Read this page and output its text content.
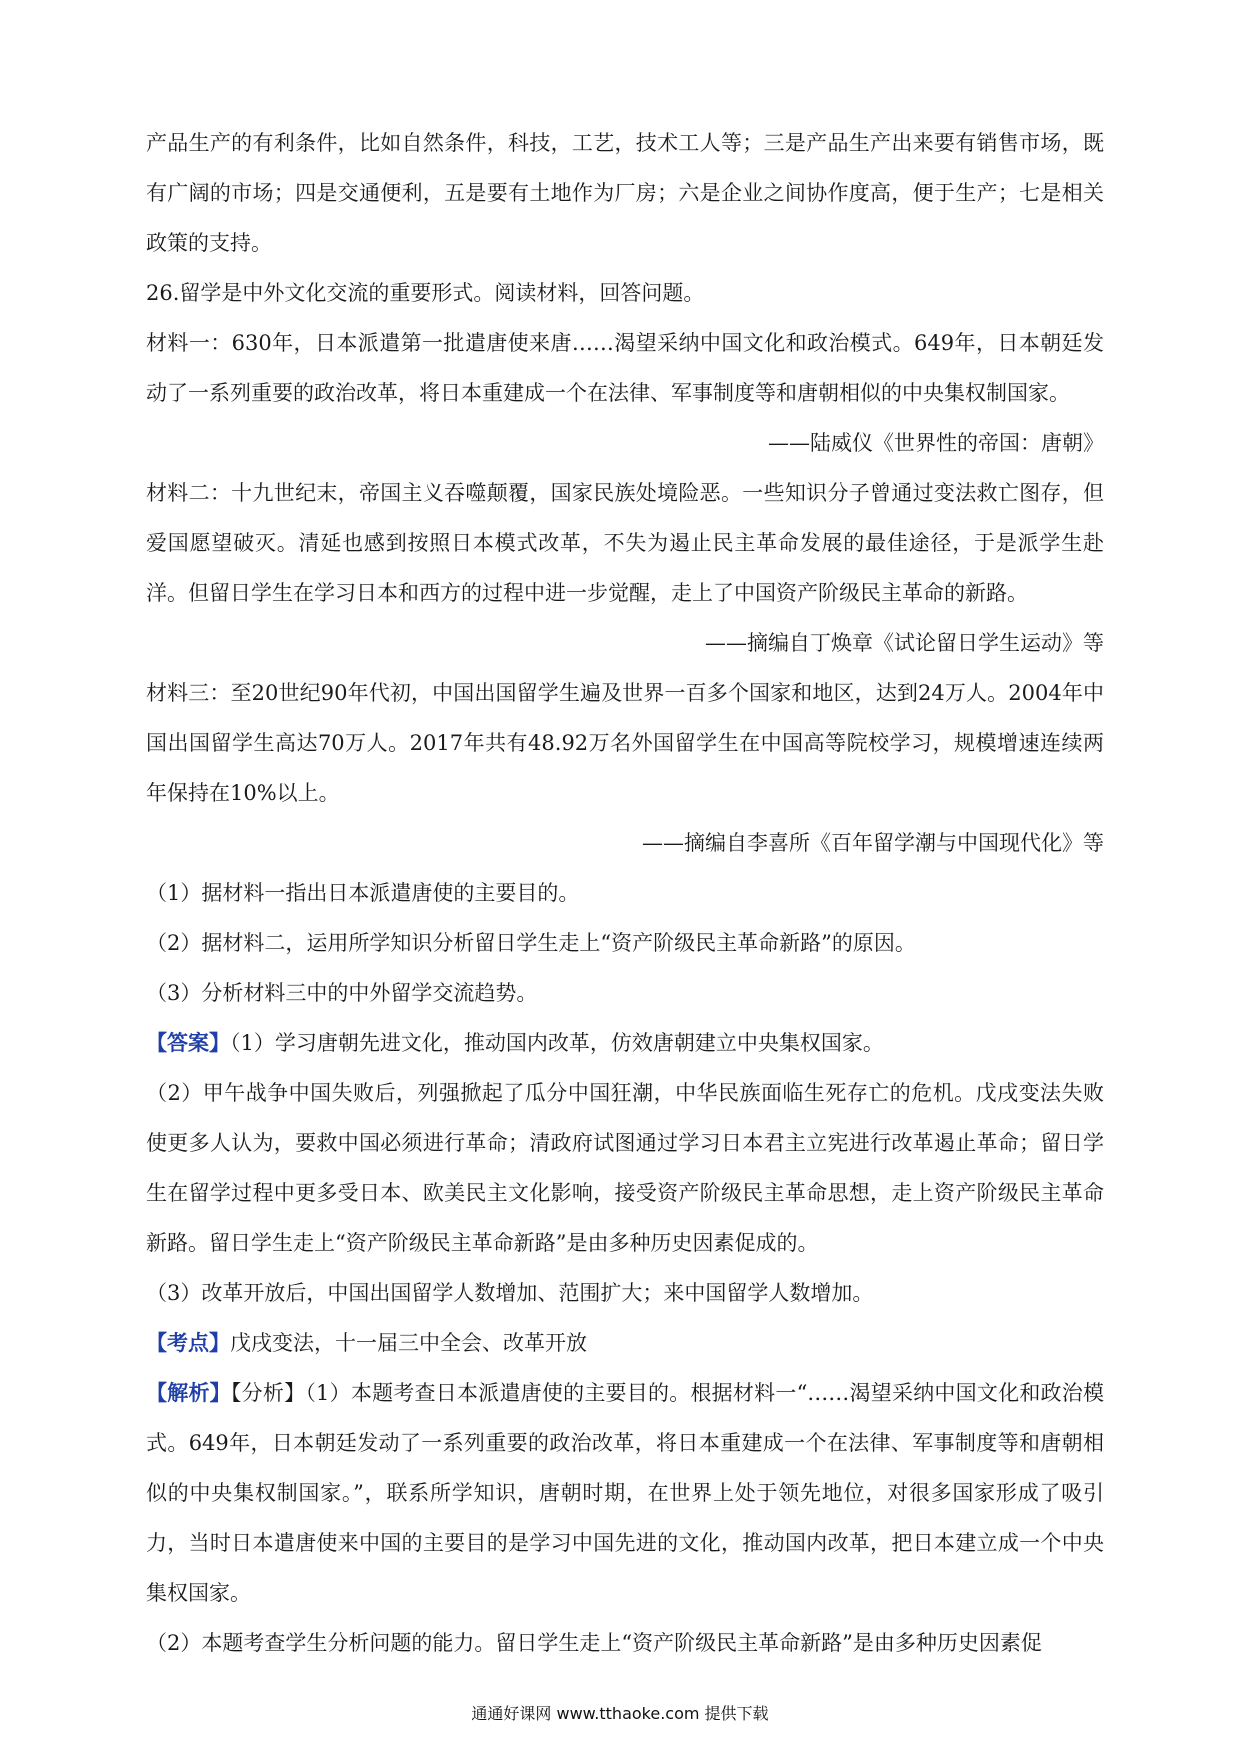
产品生产的有利条件，比如自然条件，科技，工艺，技术工人等；三是产品生产出来要有销售市场，既有广阔的市场；四是交通便利，五是要有土地作为厂房；六是企业之间协作度高，便于生产；七是相关政策的支持。

26.留学是中外文化交流的重要形式。阅读材料，回答问题。

材料一：630年，日本派遣第一批遣唐使来唐……渴望采纳中国文化和政治模式。649年，日本朝廷发动了一系列重要的政治改革，将日本重建成一个在法律、军事制度等和唐朝相似的中央集权制国家。

——陆威仪《世界性的帝国：唐朝》

材料二：十九世纪末，帝国主义吞噬颠覆，国家民族处境险恶。一些知识分子曾通过变法救亡图存，但爱国愿望破灭。清延也感到按照日本模式改革，不失为遏止民主革命发展的最佳途径，于是派学生赴洋。但留日学生在学习日本和西方的过程中进一步觉醒，走上了中国资产阶级民主革命的新路。

——摘编自丁焕章《试论留日学生运动》等

材料三：至20世纪90年代初，中国出国留学生遍及世界一百多个国家和地区，达到24万人。2004年中国出国留学生高达70万人。2017年共有48.92万名外国留学生在中国高等院校学习，规模增速连续两年保持在10%以上。

——摘编自李喜所《百年留学潮与中国现代化》等

（1）据材料一指出日本派遣唐使的主要目的。

（2）据材料二，运用所学知识分析留日学生走上“资产阶级民主革命新路”的原因。

（3）分析材料三中的中外留学交流趋势。

【答案】（1）学习唐朝先进文化，推动国内改革，仿效唐朝建立中央集权国家。

（2）甲午战争中国失败后，列强掀起了瓜分中国狂潮，中华民族面临生死存亡的危机。戊戌变法失败使更多人认为，要救中国必须进行革命；清政府试图通过学习日本君主立宪进行改革遏止革命；留日学生在留学过程中更多受日本、欧美民主文化影响，接受资产阶级民主革命思想，走上资产阶级民主革命新路。留日学生走上“资产阶级民主革命新路”是由多种历史因素促成的。

（3）改革开放后，中国出国留学人数增加、范围扩大；来中国留学人数增加。

【考点】戊戌变法，十一届三中全会、改革开放

【解析】【分析】（1）本题考查日本派遣唐使的主要目的。根据材料一“……渴望采纳中国文化和政治模式。649年，日本朝廷发动了一系列重要的政治改革，将日本重建成一个在法律、军事制度等和唐朝相似的中央集权制国家。”，联系所学知识，唐朝时期，在世界上处于领先地位，对很多国家形成了吸引力，当时日本遣唐使来中国的主要目的是学习中国先进的文化，推动国内改革，把日本建立成一个中央集权国家。

（2）本题考查学生分析问题的能力。留日学生走上“资产阶级民主革命新路”是由多种历史因素促

通通好课网 www.tthaoke.com 提供下载
